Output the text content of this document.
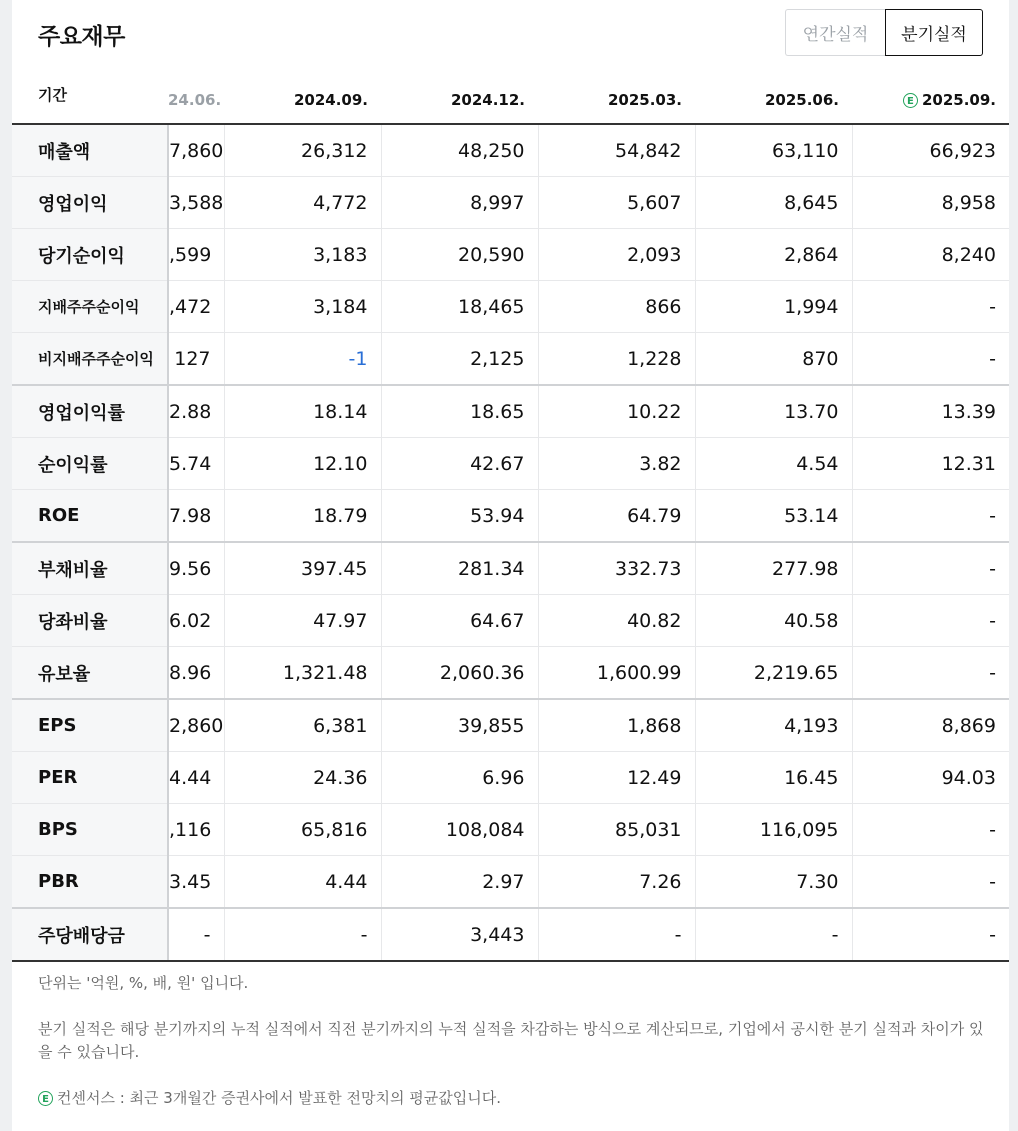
주요재무	연간실적	분기실적
기간	24.06.	2024.09.	2024.12.	2025.03.	2025.06.	E 2025.09.
매출액	7,860	26,312	48,250	54,842	63,110	66,923
영업이익	3,588	4,772	8,997	5,607	8,645	8,958
당기순이익	,599	3,183	20,590	2,093	2,864	8,240
지배주주순이익	,472	3,184	18,465	866	1,994	-
비지배주주순이익	127	-1	2,125	1,228	870	-
영업이익률	2.88	18.14	18.65	10.22	13.70	13.39
순이익률	5.74	12.10	42.67	3.82	4.54	12.31
ROE	7.98	18.79	53.94	64.79	53.14	-
부채비율	9.56	397.45	281.34	332.73	277.98	-
당좌비율	6.02	47.97	64.67	40.82	40.58	-
유보율	8.96	1,321.48	2,060.36	1,600.99	2,219.65	-
EPS	2,860	6,381	39,855	1,868	4,193	8,869
PER	4.44	24.36	6.96	12.49	16.45	94.03
BPS	,116	65,816	108,084	85,031	116,095	-
PBR	3.45	4.44	2.97	7.26	7.30	-
주당배당금	-	-	3,443	-	-	-

단위는 '억원, %, 배, 원' 입니다.

분기 실적은 해당 분기까지의 누적 실적에서 직전 분기까지의 누적 실적을 차감하는 방식으로 계산되므로, 기업에서 공시한 분기 실적과 차이가 있을 수 있습니다.

E 컨센서스 : 최근 3개월간 증권사에서 발표한 전망치의 평균값입니다.
